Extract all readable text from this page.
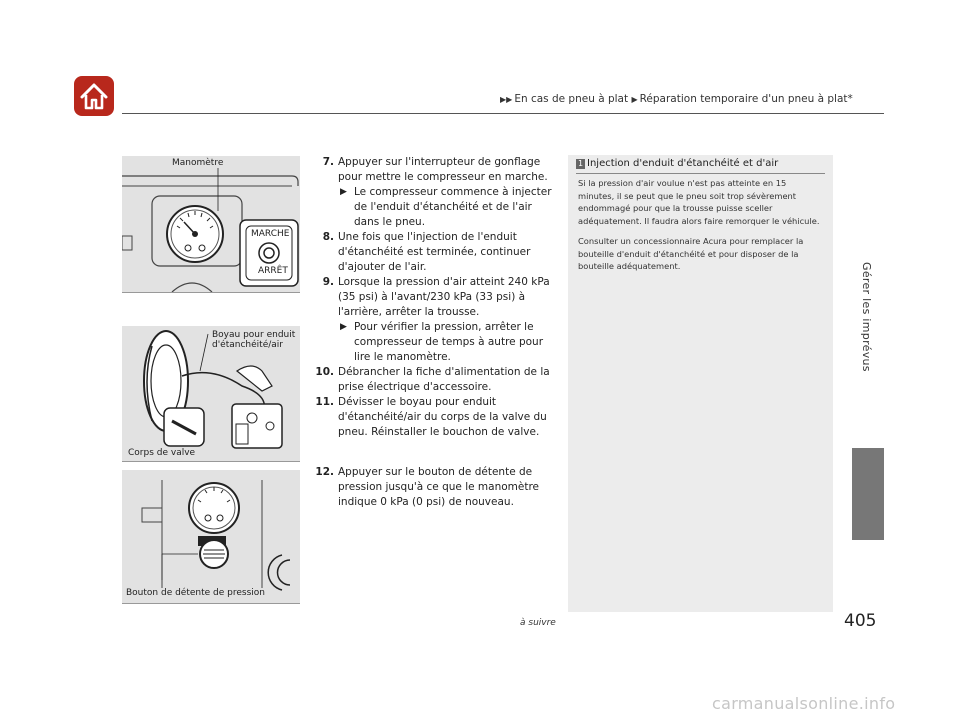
▶▶ En cas de pneu à plat ▶ Réparation temporaire d'un pneu à plat*
Gérer les imprévus
Manomètre
MARCHE
ARRÊT
Boyau pour enduit d'étanchéité/air
Corps de valve
Bouton de détente de pression
7. Appuyer sur l'interrupteur de gonflage pour mettre le compresseur en marche.
▶ Le compresseur commence à injecter de l'enduit d'étanchéité et de l'air dans le pneu.
8. Une fois que l'injection de l'enduit d'étanchéité est terminée, continuer d'ajouter de l'air.
9. Lorsque la pression d'air atteint 240 kPa (35 psi) à l'avant/230 kPa (33 psi) à l'arrière, arrêter la trousse.
▶ Pour vérifier la pression, arrêter le compresseur de temps à autre pour lire le manomètre.
10. Débrancher la fiche d'alimentation de la prise électrique d'accessoire.
11. Dévisser le boyau pour enduit d'étanchéité/air du corps de la valve du pneu. Réinstaller le bouchon de valve.
12. Appuyer sur le bouton de détente de pression jusqu'à ce que le manomètre indique 0 kPa (0 psi) de nouveau.
1 Injection d'enduit d'étanchéité et d'air

Si la pression d'air voulue n'est pas atteinte en 15 minutes, il se peut que le pneu soit trop sévèrement endommagé pour que la trousse puisse sceller adéquatement. Il faudra alors faire remorquer le véhicule.

Consulter un concessionnaire Acura pour remplacer la bouteille d'enduit d'étanchéité et pour disposer de la bouteille adéquatement.

à suivre	405
carmanualsonline.info
